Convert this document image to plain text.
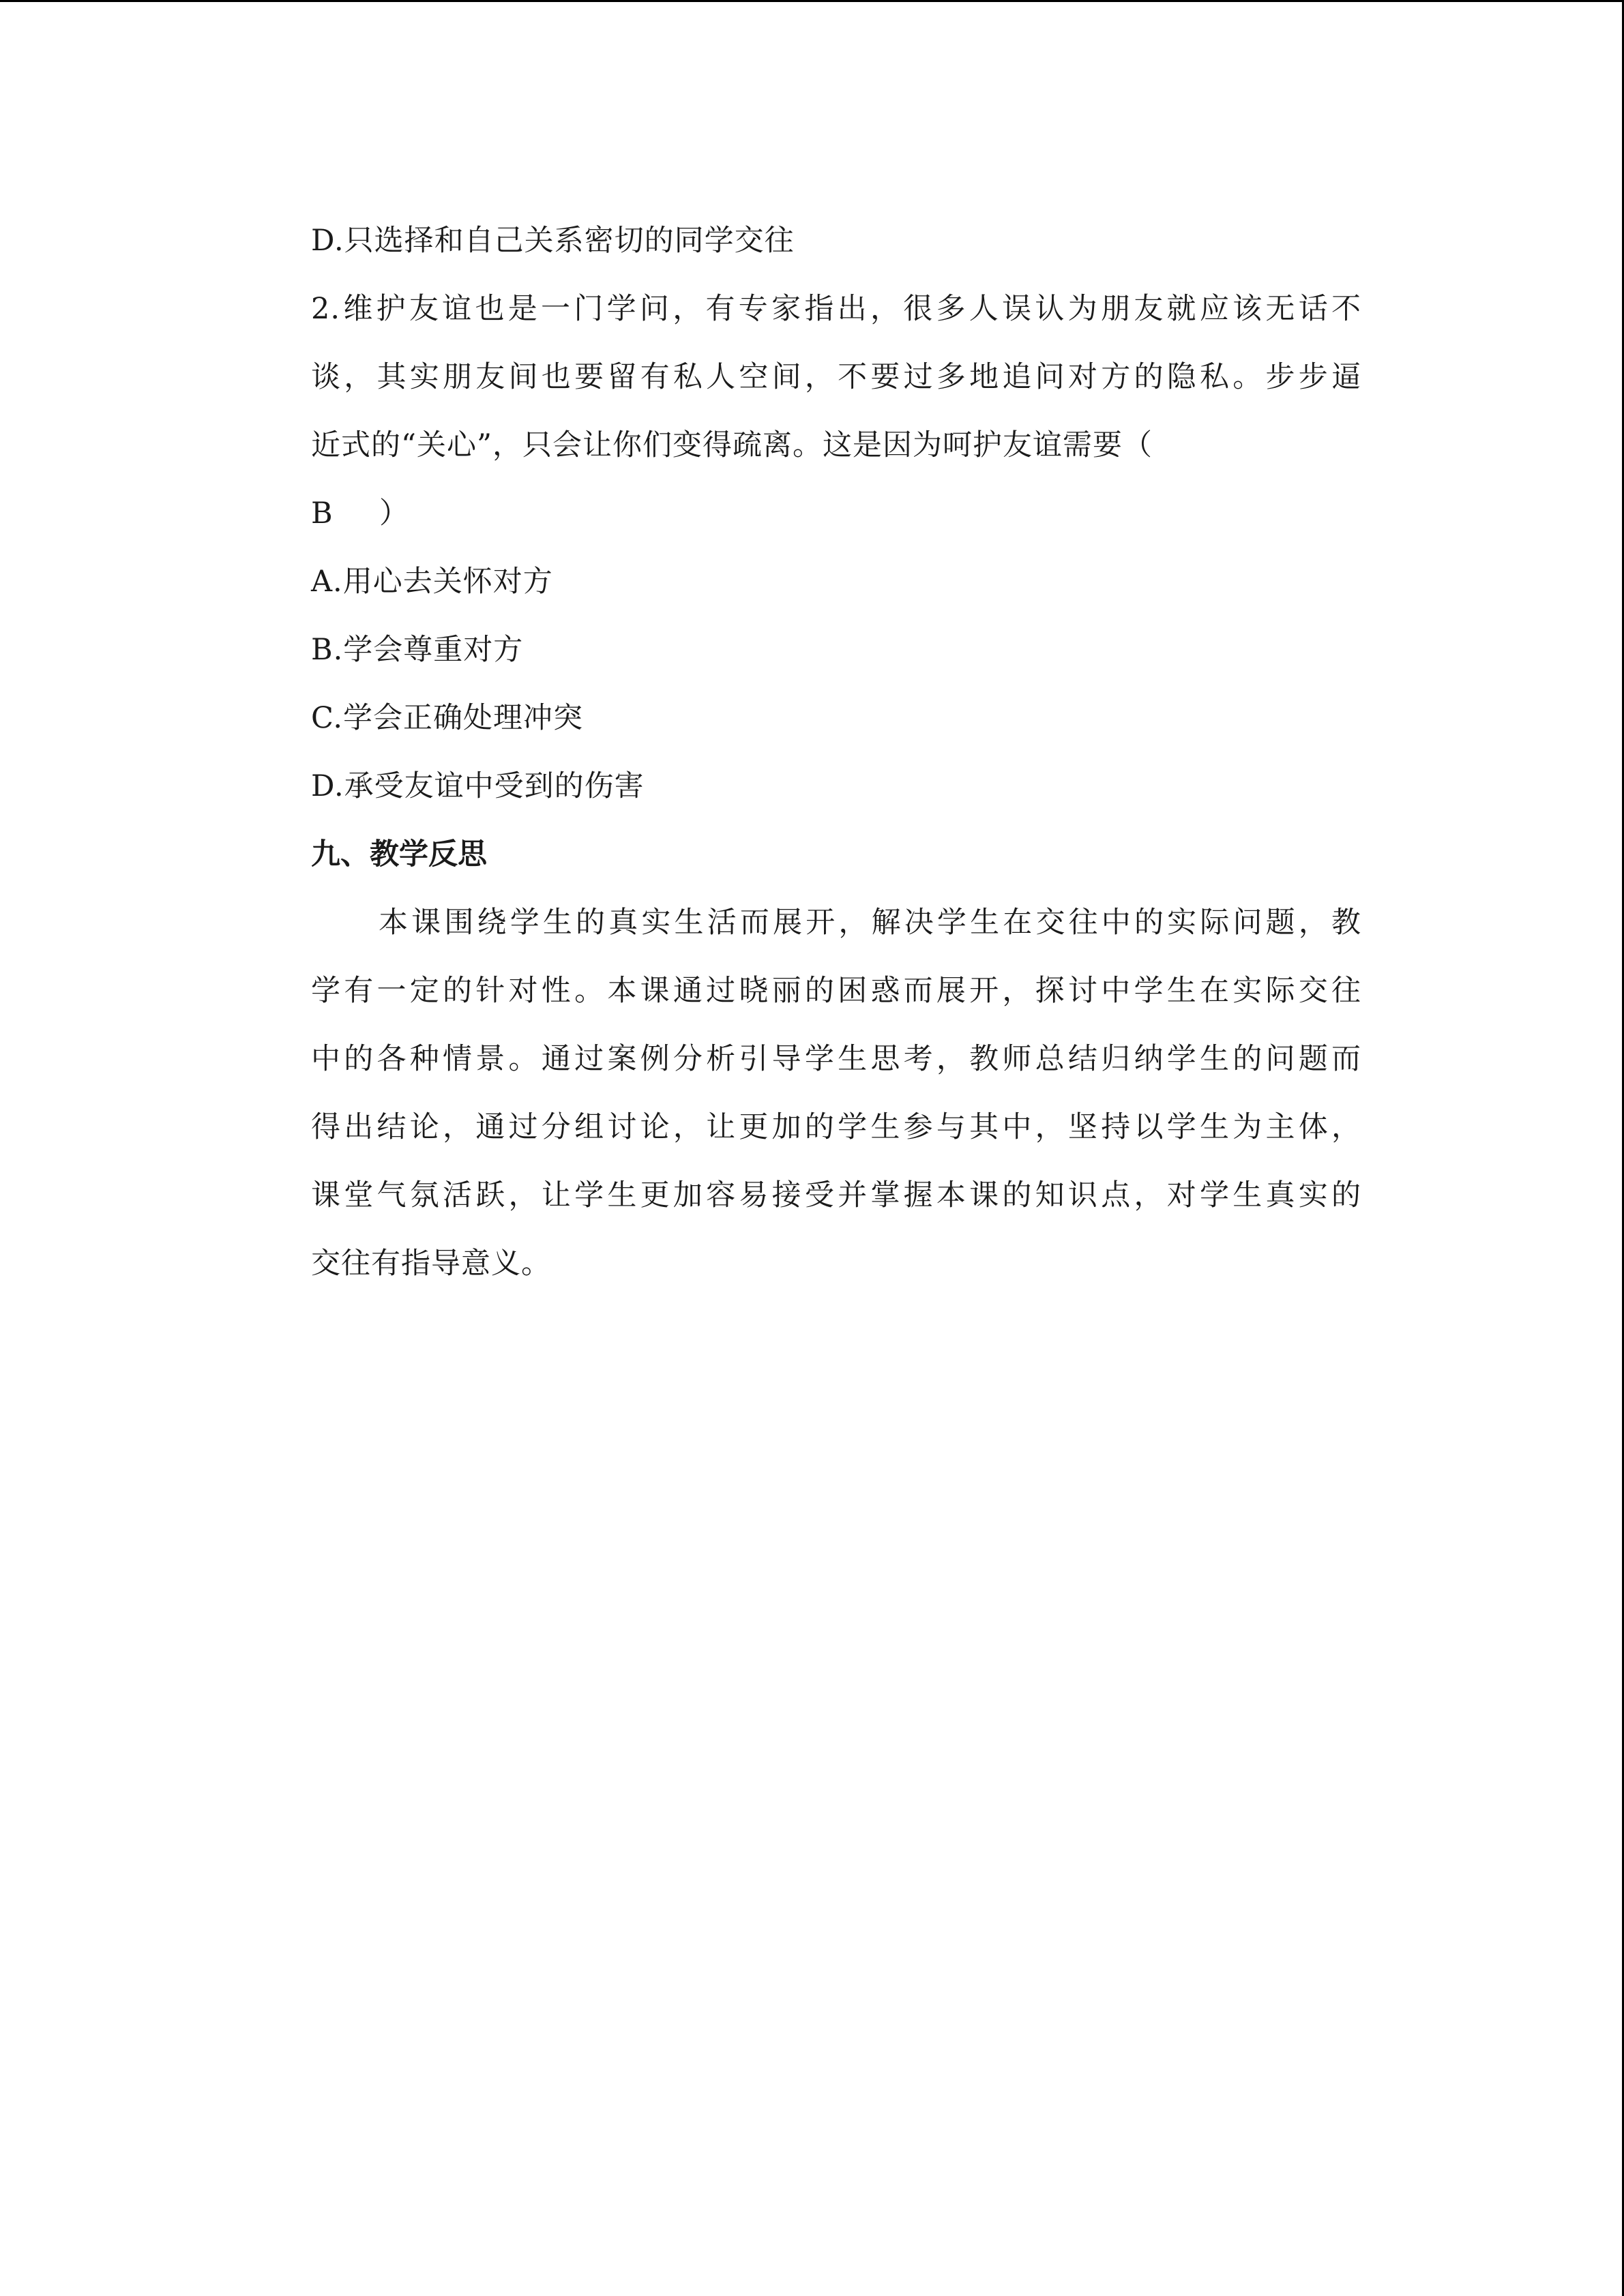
D.只选择和自己关系密切的同学交往
2.维护友谊也是一门学问，有专家指出，很多人误认为朋友就应该无话不
谈，其实朋友间也要留有私人空间，不要过多地追问对方的隐私。步步逼
近式的“关心”，只会让你们变得疏离。这是因为呵护友谊需要（
B ）
A.用心去关怀对方
B.学会尊重对方
C.学会正确处理冲突
D.承受友谊中受到的伤害
九、教学反思
本课围绕学生的真实生活而展开，解决学生在交往中的实际问题，教
学有一定的针对性。本课通过晓丽的困惑而展开，探讨中学生在实际交往
中的各种情景。通过案例分析引导学生思考，教师总结归纳学生的问题而
得出结论，通过分组讨论，让更加的学生参与其中，坚持以学生为主体，
课堂气氛活跃，让学生更加容易接受并掌握本课的知识点，对学生真实的
交往有指导意义。
